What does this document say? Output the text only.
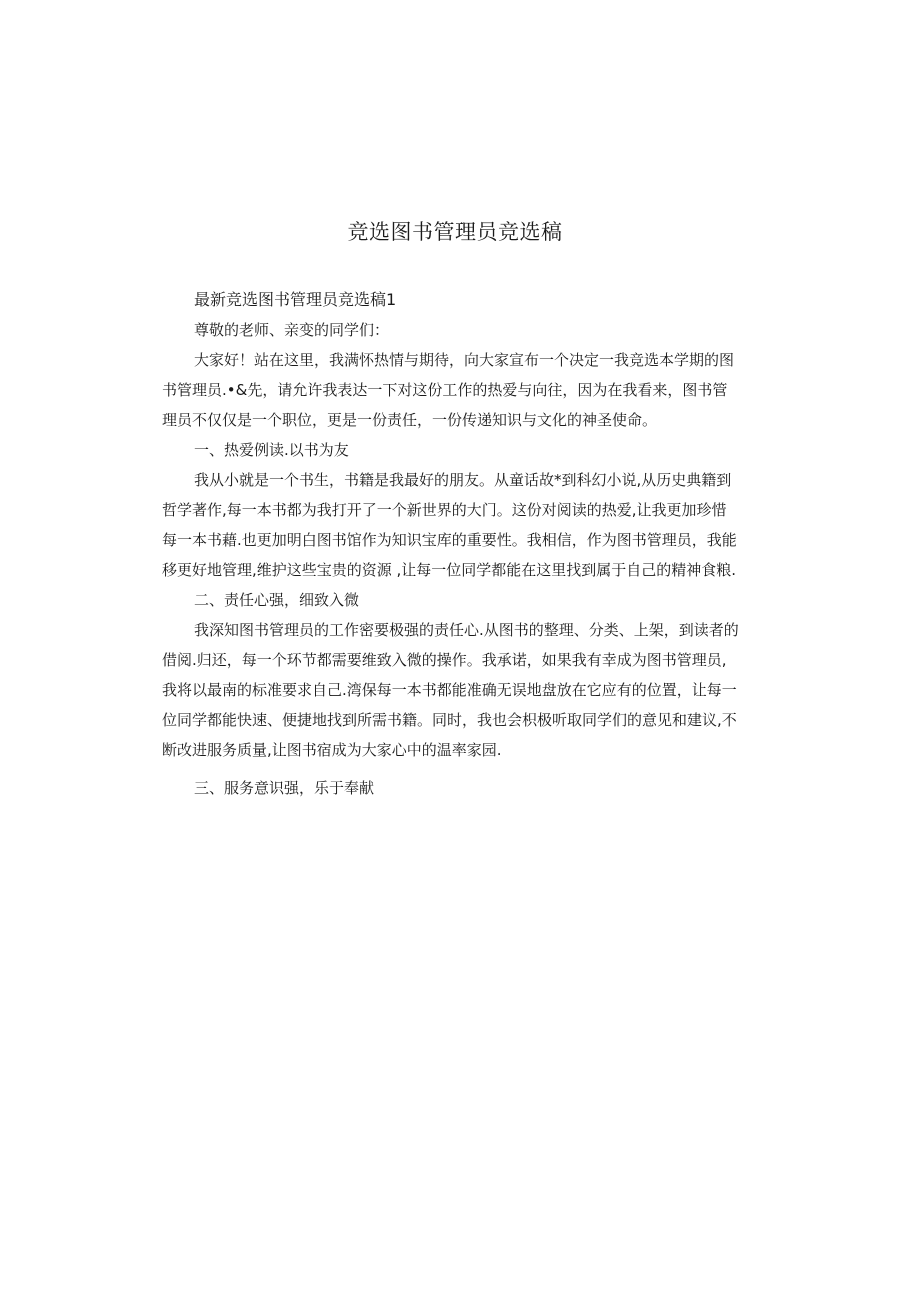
竞选图书管理员竞选稿
最新竞选图书管理员竞选稿1
尊敬的老师、亲变的同学们：
大家好！站在这里，我满怀热情与期待，向大家宣布一个决定一我竞选本学期的图
书管理员.•&先，请允许我表达一下对这份工作的热爱与向往，因为在我看来，图书管
理员不仅仅是一个职位，更是一份责任，一份传递知识与文化的神圣使命。
一、热爱例读.以书为友
我从小就是一个书生，书籍是我最好的朋友。从童话故*到科幻小说,从历史典籍到
哲学著作,每一本书都为我打开了一个新世界的大门。这份对阅读的热爱,让我更加珍惜
每一本书藉.也更加明白图书馆作为知识宝库的重要性。我相信，作为图书管理员，我能
移更好地管理,维护这些宝贵的资源 ,让每一位同学都能在这里找到属于自己的精神食粮.
二、责任心强，细致入微
我深知图书管理员的工作密要极强的责任心.从图书的整理、分类、上架，到读者的
借阅.归还，每一个环节都需要维致入微的操作。我承诺，如果我有幸成为图书管理员,
我将以最南的标准要求自己.湾保每一本书都能准确无误地盘放在它应有的位置，让每一
位同学都能快速、便捷地找到所需书籍。同时，我也会枳极听取同学们的意见和建议,不
断改进服务质量,让图书宿成为大家心中的温率家园.
三、服务意识强，乐于奉献
